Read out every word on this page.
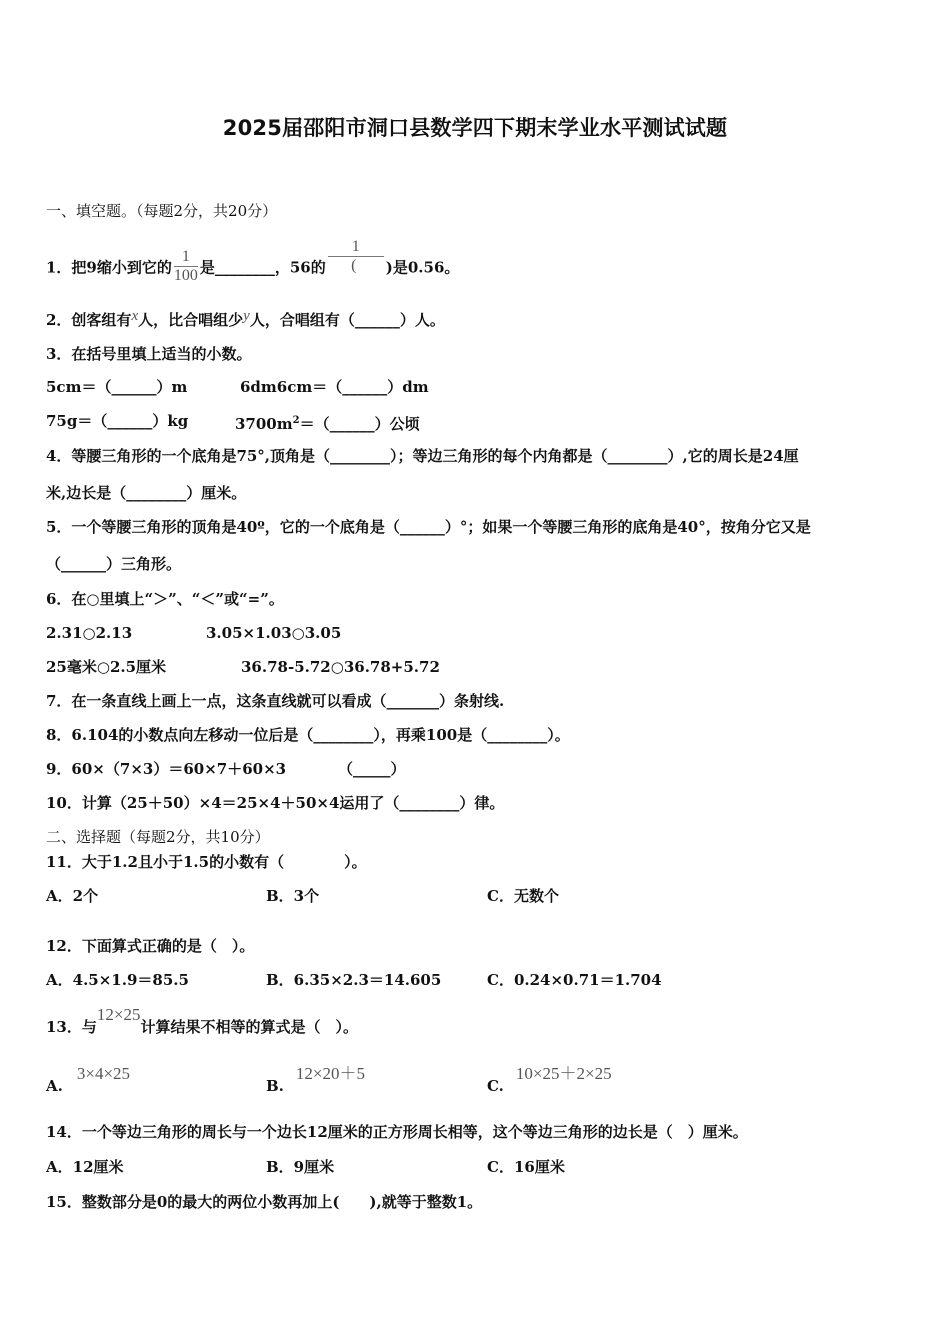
2025届邵阳市洞口县数学四下期末学业水平测试试题
一、填空题。（每题2分，共20分）
1．把9缩小到它的 $\frac{1}{100}$ 是________，56的 $\frac{1}{(}$ )是0.56。
2．创客组有x人，比合唱组少y人，合唱组有（______）人。
3．在括号里填上适当的小数。
5cm＝（______）m	6dm6cm＝（______）dm
75g＝（______）kg	$3700m^2=(\_\_\_\_\_\_)$公顷
4．等腰三角形的一个底角是75°,顶角是（________）；等边三角形的每个内角都是（________）,它的周长是24厘
米,边长是（________）厘米。
5．一个等腰三角形的顶角是40º，它的一个底角是（______）°；如果一个等腰三角形的底角是40°，按角分它又是
（______）三角形。
6．在○里填上“＞”、“＜”或“=”。
2.31○2.13	3.05×1.03○3.05
25毫米○2.5厘米	36.78-5.72○36.78+5.72
7．在一条直线上画上一点，这条直线就可以看成（_______）条射线.
8．6.104的小数点向左移动一位后是（________），再乘100是（________）。
9．60×（7×3）＝60×7＋60×3	（_____）
10．计算（25＋50）×4＝25×4＋50×4运用了（________）律。
二、选择题（每题2分，共10分）
11．大于1.2且小于1.5的小数有（　　　　）。
A．2个	B．3个	C．无数个
12．下面算式正确的是（　）。
A．4.5×1.9＝85.5	B．6.35×2.3＝14.605	C．0.24×0.71＝1.704
13．与12×25计算结果不相等的算式是（　）。
A.3×4×25
B.12×20＋5
C.10×25＋2×25
14．一个等边三角形的周长与一个边长12厘米的正方形周长相等，这个等边三角形的边长是（　）厘米。
A．12厘米	B．9厘米	C．16厘米
15．整数部分是0的最大的两位小数再加上(　　),就等于整数1。
